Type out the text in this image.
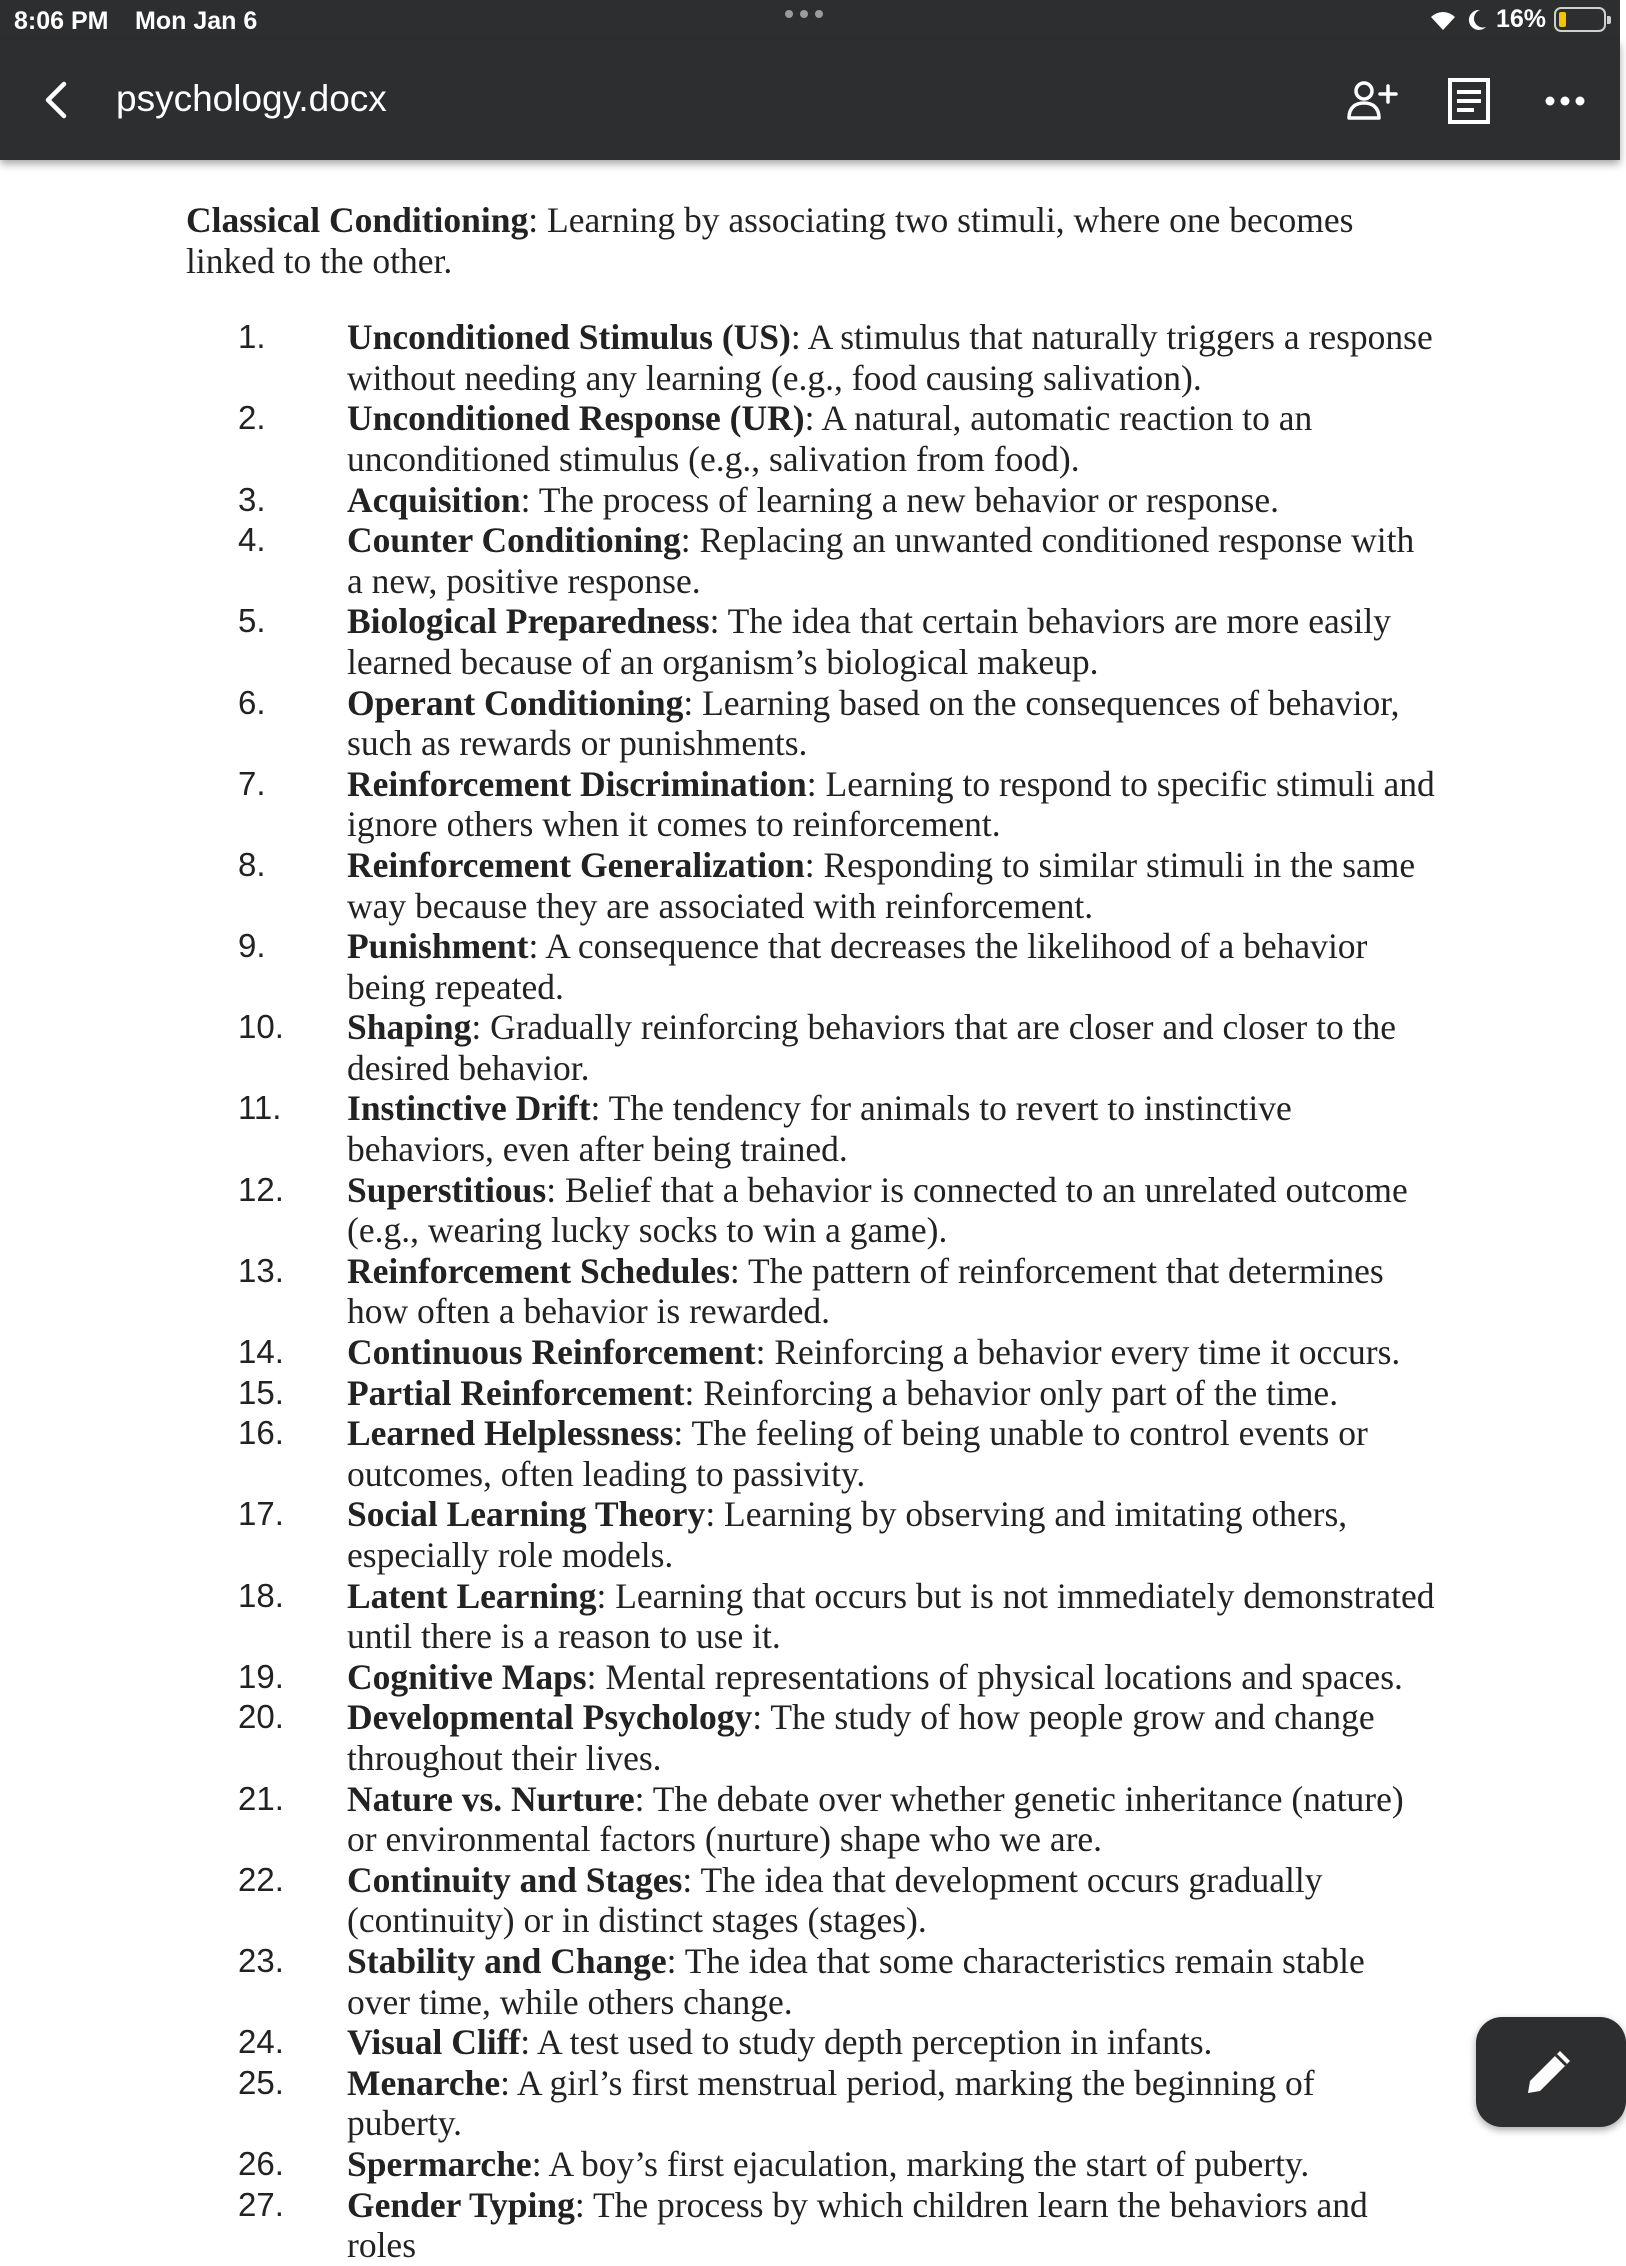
8:06 PM Mon Jan 6	16%
psychology.docx

Classical Conditioning: Learning by associating two stimuli, where one becomes linked to the other.

1.	Unconditioned Stimulus (US): A stimulus that naturally triggers a response without needing any learning (e.g., food causing salivation).
2.	Unconditioned Response (UR): A natural, automatic reaction to an unconditioned stimulus (e.g., salivation from food).
3.	Acquisition: The process of learning a new behavior or response.
4.	Counter Conditioning: Replacing an unwanted conditioned response with a new, positive response.
5.	Biological Preparedness: The idea that certain behaviors are more easily learned because of an organism’s biological makeup.
6.	Operant Conditioning: Learning based on the consequences of behavior, such as rewards or punishments.
7.	Reinforcement Discrimination: Learning to respond to specific stimuli and ignore others when it comes to reinforcement.
8.	Reinforcement Generalization: Responding to similar stimuli in the same way because they are associated with reinforcement.
9.	Punishment: A consequence that decreases the likelihood of a behavior being repeated.
10.	Shaping: Gradually reinforcing behaviors that are closer and closer to the desired behavior.
11.	Instinctive Drift: The tendency for animals to revert to instinctive behaviors, even after being trained.
12.	Superstitious: Belief that a behavior is connected to an unrelated outcome (e.g., wearing lucky socks to win a game).
13.	Reinforcement Schedules: The pattern of reinforcement that determines how often a behavior is rewarded.
14.	Continuous Reinforcement: Reinforcing a behavior every time it occurs.
15.	Partial Reinforcement: Reinforcing a behavior only part of the time.
16.	Learned Helplessness: The feeling of being unable to control events or outcomes, often leading to passivity.
17.	Social Learning Theory: Learning by observing and imitating others, especially role models.
18.	Latent Learning: Learning that occurs but is not immediately demonstrated until there is a reason to use it.
19.	Cognitive Maps: Mental representations of physical locations and spaces.
20.	Developmental Psychology: The study of how people grow and change throughout their lives.
21.	Nature vs. Nurture: The debate over whether genetic inheritance (nature) or environmental factors (nurture) shape who we are.
22.	Continuity and Stages: The idea that development occurs gradually (continuity) or in distinct stages (stages).
23.	Stability and Change: The idea that some characteristics remain stable over time, while others change.
24.	Visual Cliff: A test used to study depth perception in infants.
25.	Menarche: A girl’s first menstrual period, marking the beginning of puberty.
26.	Spermarche: A boy’s first ejaculation, marking the start of puberty.
27.	Gender Typing: The process by which children learn the behaviors and roles
